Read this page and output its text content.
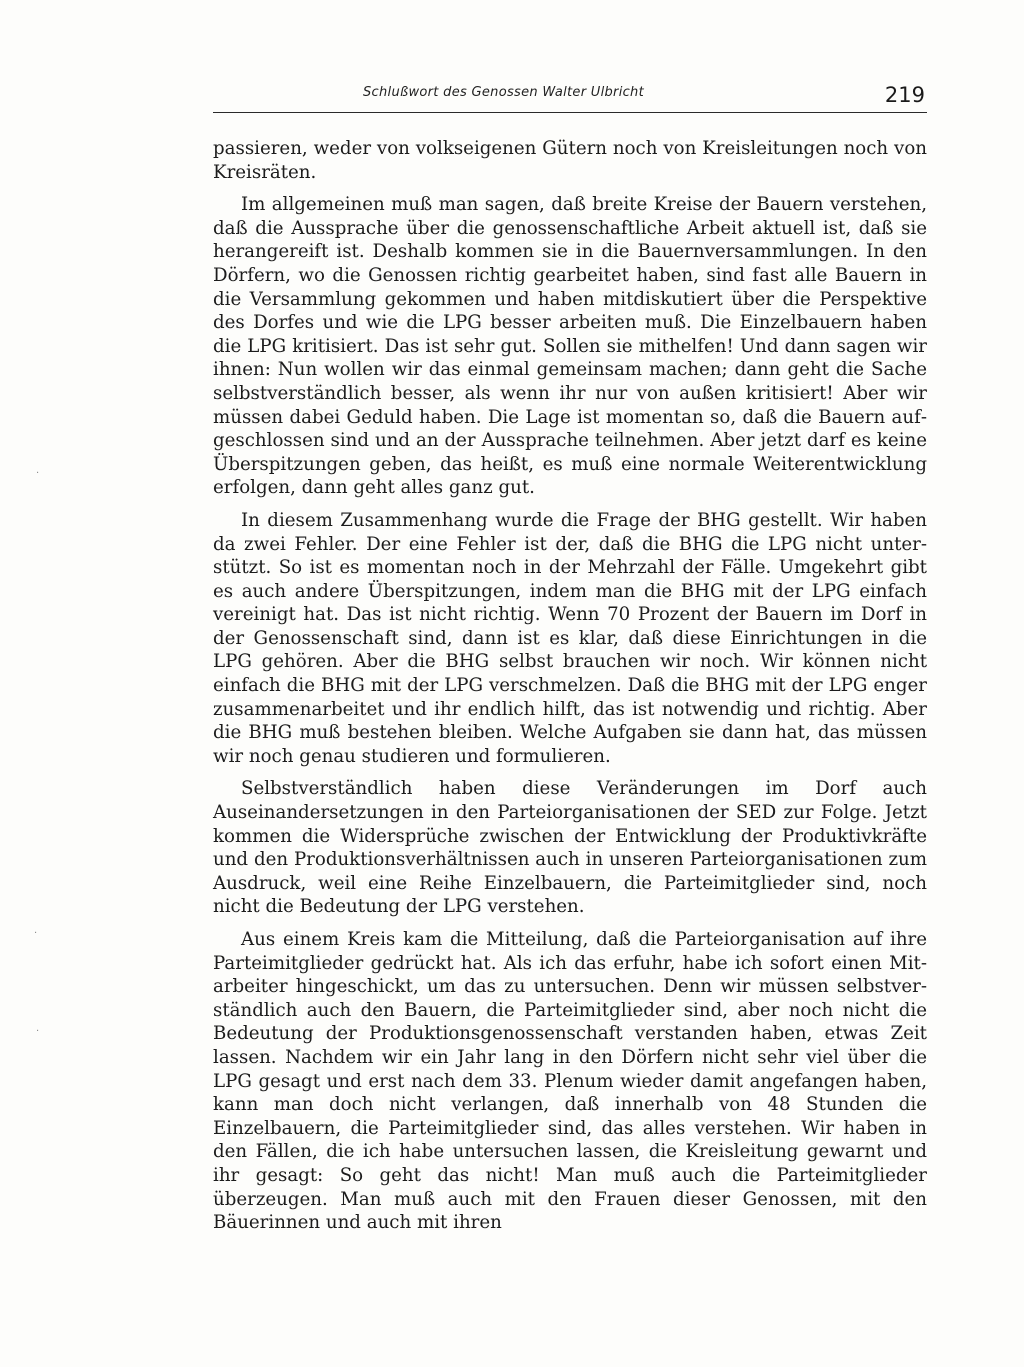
Schlußwort des Genossen Walter Ulbricht	219

passieren, weder von volkseigenen Gütern noch von Kreisleitungen noch von Kreisräten.

Im allgemeinen muß man sagen, daß breite Kreise der Bauern verstehen, daß die Aussprache über die genossenschaftliche Arbeit aktuell ist, daß sie herangereift ist. Deshalb kommen sie in die Bauernversammlungen. In den Dörfern, wo die Genossen richtig gearbeitet haben, sind fast alle Bauern in die Versammlung gekommen und haben mitdiskutiert über die Perspektive des Dorfes und wie die LPG besser arbeiten muß. Die Einzelbauern haben die LPG kritisiert. Das ist sehr gut. Sollen sie mithelfen! Und dann sagen wir ihnen: Nun wollen wir das einmal gemeinsam machen; dann geht die Sache selbstverständlich besser, als wenn ihr nur von außen kritisiert! Aber wir müssen dabei Geduld haben. Die Lage ist momentan so, daß die Bauern aufgeschlossen sind und an der Aussprache teilnehmen. Aber jetzt darf es keine Überspitzungen geben, das heißt, es muß eine normale Weiterentwicklung erfolgen, dann geht alles ganz gut.

In diesem Zusammenhang wurde die Frage der BHG gestellt. Wir haben da zwei Fehler. Der eine Fehler ist der, daß die BHG die LPG nicht unterstützt. So ist es momentan noch in der Mehrzahl der Fälle. Umgekehrt gibt es auch andere Überspitzungen, indem man die BHG mit der LPG einfach vereinigt hat. Das ist nicht richtig. Wenn 70 Prozent der Bauern im Dorf in der Genossenschaft sind, dann ist es klar, daß diese Einrichtungen in die LPG gehören. Aber die BHG selbst brauchen wir noch. Wir können nicht einfach die BHG mit der LPG verschmelzen. Daß die BHG mit der LPG enger zusammenarbeitet und ihr endlich hilft, das ist notwendig und richtig. Aber die BHG muß bestehen bleiben. Welche Aufgaben sie dann hat, das müssen wir noch genau studieren und formulieren.

Selbstverständlich haben diese Veränderungen im Dorf auch Auseinandersetzungen in den Parteiorganisationen der SED zur Folge. Jetzt kommen die Widersprüche zwischen der Entwicklung der Produktivkräfte und den Produktionsverhältnissen auch in unseren Parteiorganisationen zum Ausdruck, weil eine Reihe Einzelbauern, die Parteimitglieder sind, noch nicht die Bedeutung der LPG verstehen.

Aus einem Kreis kam die Mitteilung, daß die Parteiorganisation auf ihre Parteimitglieder gedrückt hat. Als ich das erfuhr, habe ich sofort einen Mitarbeiter hingeschickt, um das zu untersuchen. Denn wir müssen selbstverständlich auch den Bauern, die Parteimitglieder sind, aber noch nicht die Bedeutung der Produktionsgenossenschaft verstanden haben, etwas Zeit lassen. Nachdem wir ein Jahr lang in den Dörfern nicht sehr viel über die LPG gesagt und erst nach dem 33. Plenum wieder damit angefangen haben, kann man doch nicht verlangen, daß innerhalb von 48 Stunden die Einzelbauern, die Parteimitglieder sind, das alles verstehen. Wir haben in den Fällen, die ich habe untersuchen lassen, die Kreisleitung gewarnt und ihr gesagt: So geht das nicht! Man muß auch die Parteimitglieder überzeugen. Man muß auch mit den Frauen dieser Genossen, mit den Bäuerinnen und auch mit ihren

·
·
·
